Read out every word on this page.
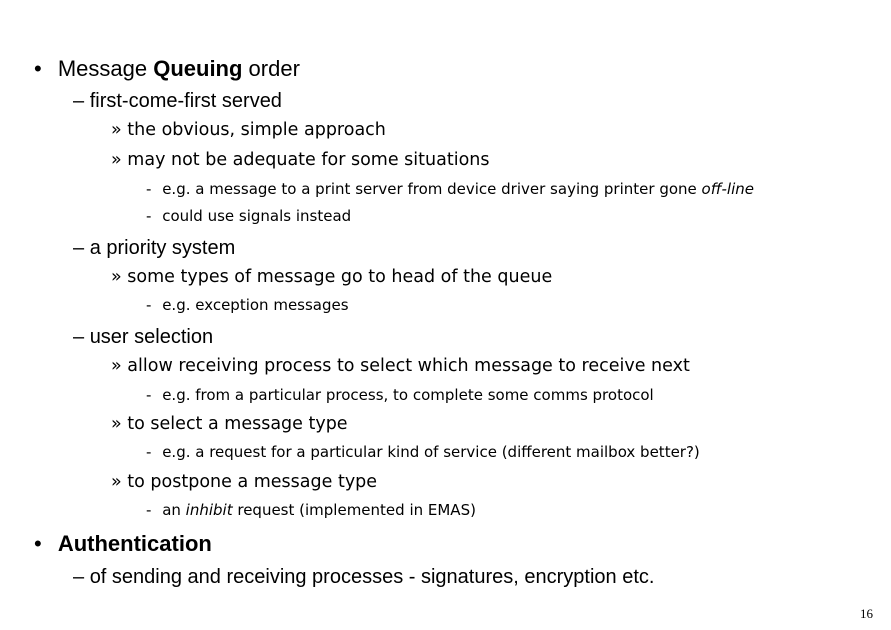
• Message Queuing order
– first-come-first served
» the obvious, simple approach
» may not be adequate for some situations
- e.g. a message to a print server from device driver saying printer gone off-line
- could use signals instead
– a priority system
» some types of message go to head of the queue
- e.g. exception messages
– user selection
» allow receiving process to select which message to receive next
- e.g. from a particular process, to complete some comms protocol
» to select a message type
- e.g. a request for a particular kind of service (different mailbox better?)
» to postpone a message type
- an inhibit request (implemented in EMAS)
• Authentication
– of sending and receiving processes - signatures, encryption etc.
16
